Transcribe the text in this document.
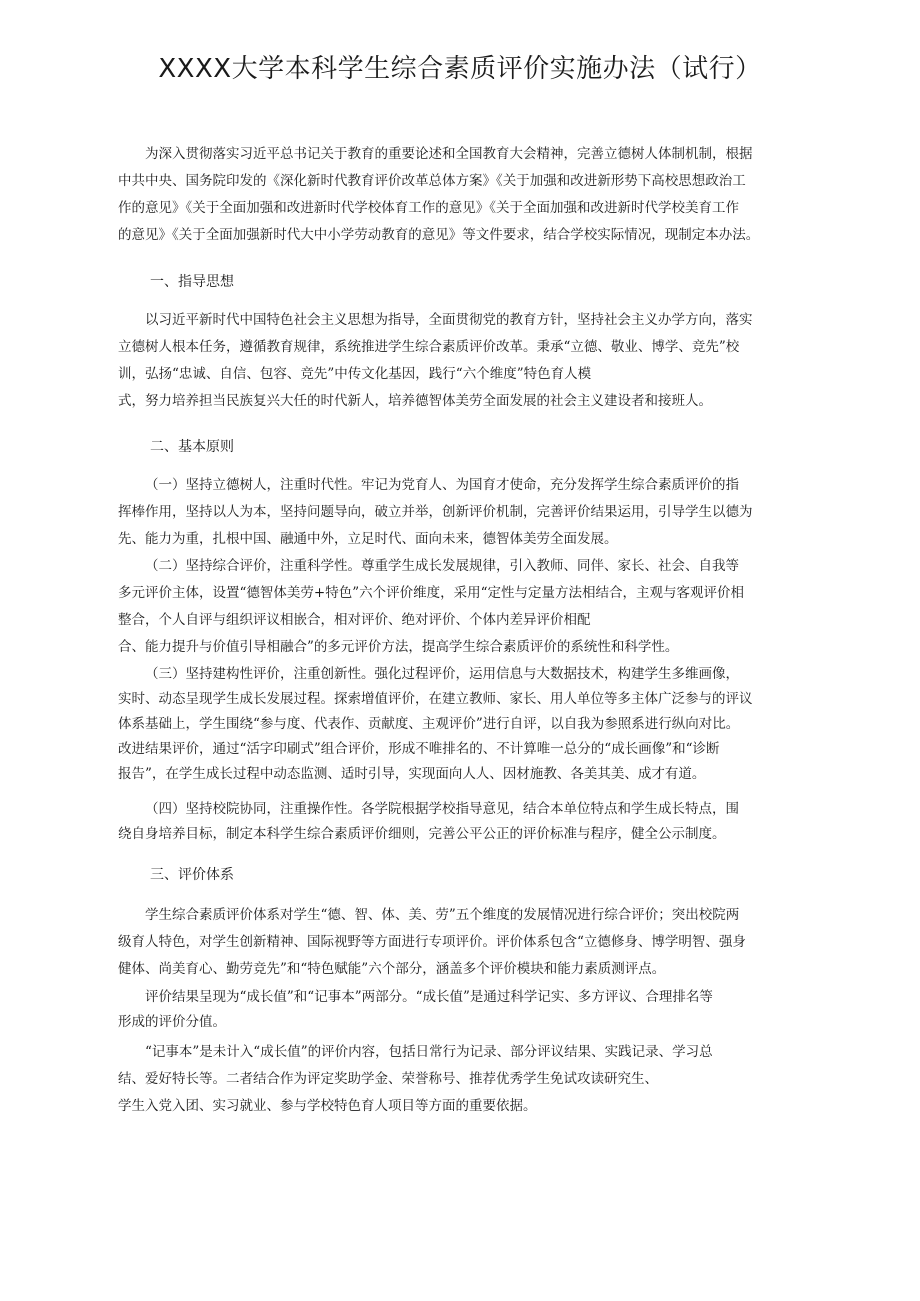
XXXX大学本科学生综合素质评价实施办法（试行）

为深入贯彻落实习近平总书记关于教育的重要论述和全国教育大会精神，完善立德树人体制机制，根据
中共中央、国务院印发的《深化新时代教育评价改革总体方案》《关于加强和改进新形势下高校思想政治工
作的意见》《关于全面加强和改进新时代学校体育工作的意见》《关于全面加强和改进新时代学校美育工作
的意见》《关于全面加强新时代大中小学劳动教育的意见》等文件要求，结合学校实际情况，现制定本办法。

一、指导思想

以习近平新时代中国特色社会主义思想为指导，全面贯彻党的教育方针，坚持社会主义办学方向，落实
立德树人根本任务，遵循教育规律，系统推进学生综合素质评价改革。秉承“立德、敬业、博学、竞先”校
训，弘扬“忠诚、自信、包容、竞先”中传文化基因，践行“六个维度”特色育人模
式，努力培养担当民族复兴大任的时代新人，培养德智体美劳全面发展的社会主义建设者和接班人。

二、基本原则

（一）坚持立德树人，注重时代性。牢记为党育人、为国育才使命，充分发挥学生综合素质评价的指
挥棒作用，坚持以人为本，坚持问题导向，破立并举，创新评价机制，完善评价结果运用，引导学生以德为
先、能力为重，扎根中国、融通中外，立足时代、面向未来，德智体美劳全面发展。

（二）坚持综合评价，注重科学性。尊重学生成长发展规律，引入教师、同伴、家长、社会、自我等
多元评价主体，设置“德智体美劳+特色”六个评价维度，采用“定性与定量方法相结合，主观与客观评价相
整合，个人自评与组织评议相嵌合，相对评价、绝对评价、个体内差异评价相配
合、能力提升与价值引导相融合”的多元评价方法，提高学生综合素质评价的系统性和科学性。

（三）坚持建构性评价，注重创新性。强化过程评价，运用信息与大数据技术，构建学生多维画像，
实时、动态呈现学生成长发展过程。探索增值评价，在建立教师、家长、用人单位等多主体广泛参与的评议
体系基础上，学生围绕“参与度、代表作、贡献度、主观评价”进行自评，以自我为参照系进行纵向对比。
改进结果评价，通过“活字印刷式”组合评价，形成不唯排名的、不计算唯一总分的“成长画像”和“诊断
报告”，在学生成长过程中动态监测、适时引导，实现面向人人、因材施教、各美其美、成才有道。

（四）坚持校院协同，注重操作性。各学院根据学校指导意见，结合本单位特点和学生成长特点，围
绕自身培养目标，制定本科学生综合素质评价细则，完善公平公正的评价标准与程序，健全公示制度。

三、评价体系

学生综合素质评价体系对学生“德、智、体、美、劳”五个维度的发展情况进行综合评价；突出校院两
级育人特色，对学生创新精神、国际视野等方面进行专项评价。评价体系包含“立德修身、博学明智、强身
健体、尚美育心、勤劳竞先”和“特色赋能”六个部分，涵盖多个评价模块和能力素质测评点。

评价结果呈现为“成长值”和“记事本”两部分。“成长值”是通过科学记实、多方评议、合理排名等
形成的评价分值。

“记事本”是未计入“成长值”的评价内容，包括日常行为记录、部分评议结果、实践记录、学习总
结、爱好特长等。二者结合作为评定奖助学金、荣誉称号、推荐优秀学生免试攻读研究生、
学生入党入团、实习就业、参与学校特色育人项目等方面的重要依据。
